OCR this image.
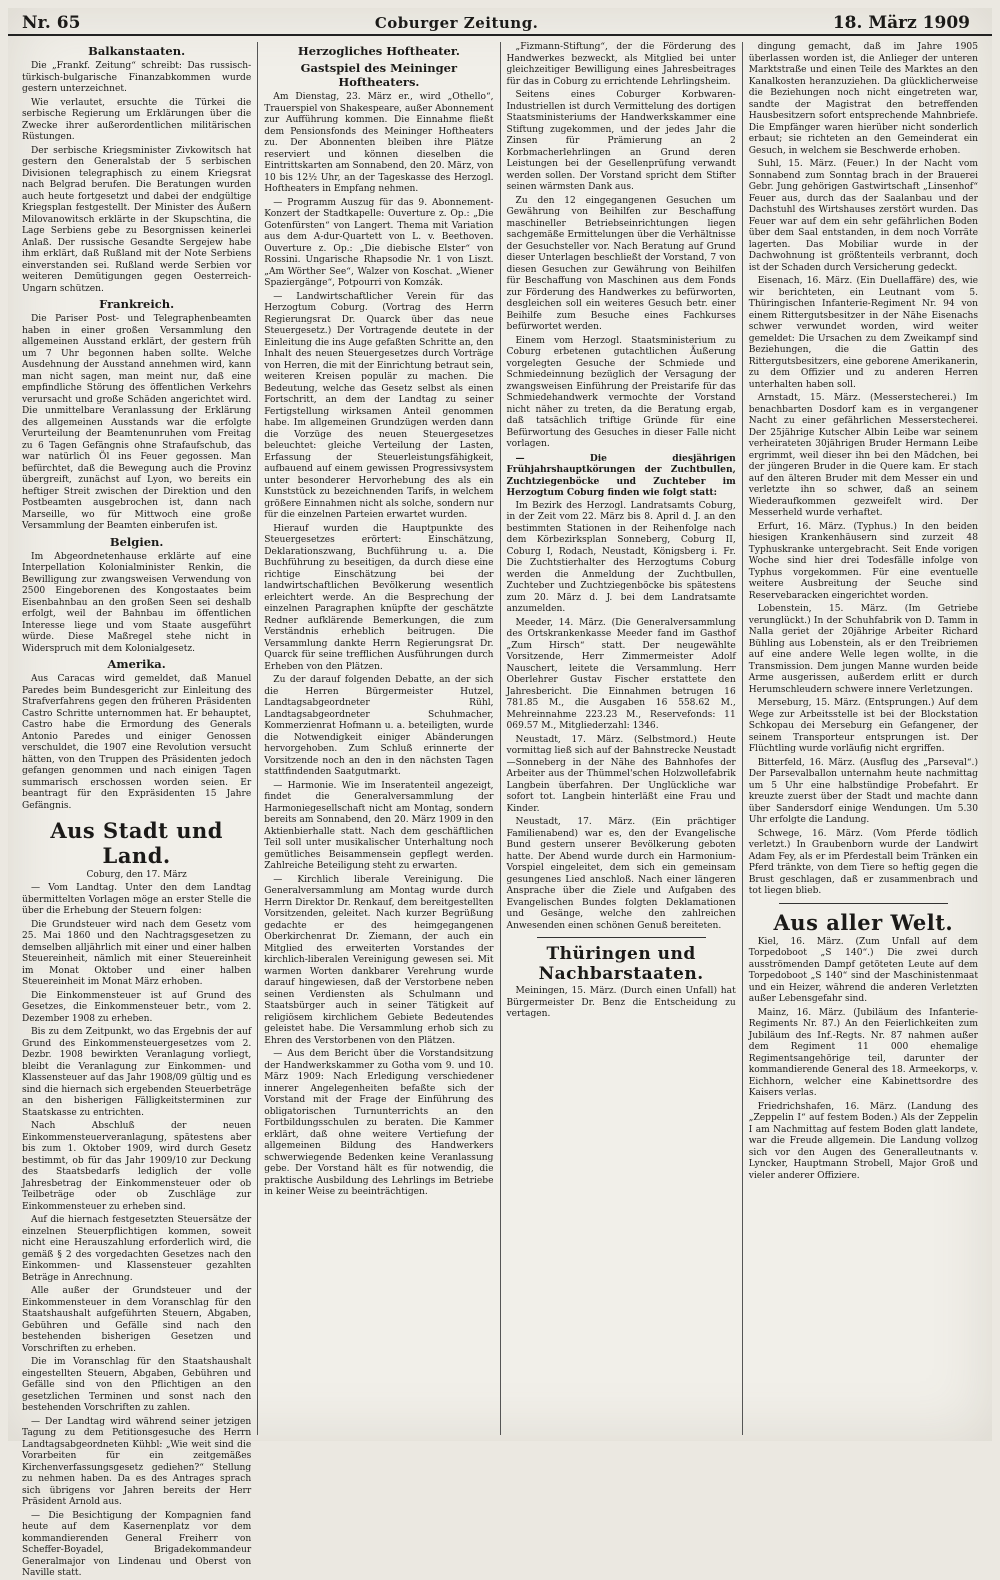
Nr. 65	Coburger Zeitung.	18. März 1909
Balkanstaaten.

Die „Frankf. Zeitung“ schreibt: Das russisch-türkisch-bulgarische Finanzabkommen wurde gestern unterzeichnet.

Wie verlautet, ersuchte die Türkei die serbische Regierung um Erklärungen über die Zwecke ihrer außerordentlichen militärischen Rüstungen.

Der serbische Kriegsminister Zivkowitsch hat gestern den Generalstab der 5 serbischen Divisionen telegraphisch zu einem Kriegsrat nach Belgrad berufen. Die Beratungen wurden auch heute fortgesetzt und dabei der endgültige Kriegsplan festgestellt. Der Minister des Äußern Milovanowitsch erklärte in der Skupschtina, die Lage Serbiens gebe zu Besorgnissen keinerlei Anlaß. Der russische Gesandte Sergejew habe ihm erklärt, daß Rußland mit der Note Serbiens einverstanden sei. Rußland werde Serbien vor weiteren Demütigungen gegen Oesterreich-Ungarn schützen.

Frankreich.

Die Pariser Post- und Telegraphenbeamten haben in einer großen Versammlung den allgemeinen Ausstand erklärt, der gestern früh um 7 Uhr begonnen haben sollte. Welche Ausdehnung der Ausstand annehmen wird, kann man nicht sagen, man meint nur, daß eine empfindliche Störung des öffentlichen Verkehrs verursacht und große Schäden angerichtet wird. Die unmittelbare Veranlassung der Erklärung des allgemeinen Ausstands war die erfolgte Verurteilung der Beamtenunruhen vom Freitag zu 6 Tagen Gefängnis ohne Strafaufschub, das war natürlich Öl ins Feuer gegossen. Man befürchtet, daß die Bewegung auch die Provinz übergreift, zunächst auf Lyon, wo bereits ein heftiger Streit zwischen der Direktion und den Postbeamten ausgebrochen ist, dann nach Marseille, wo für Mittwoch eine große Versammlung der Beamten einberufen ist.

Belgien.

Im Abgeordnetenhause erklärte auf eine Interpellation Kolonialminister Renkin, die Bewilligung zur zwangsweisen Verwendung von 2500 Eingeborenen des Kongostaates beim Eisenbahnbau an den großen Seen sei deshalb erfolgt, weil der Bahnbau im öffentlichen Interesse liege und vom Staate ausgeführt würde. Diese Maßregel stehe nicht in Widerspruch mit dem Kolonialgesetz.

Amerika.

Aus Caracas wird gemeldet, daß Manuel Paredes beim Bundesgericht zur Einleitung des Strafverfahrens gegen den früheren Präsidenten Castro Schritte unternommen hat. Er behauptet, Castro habe die Ermordung des Generals Antonio Paredes und einiger Genossen verschuldet, die 1907 eine Revolution versucht hätten, von den Truppen des Präsidenten jedoch gefangen genommen und nach einigen Tagen summarisch erschossen worden seien. Er beantragt für den Expräsidenten 15 Jahre Gefängnis.

Aus Stadt und Land.
Coburg, den 17. März

— Vom Landtag. Unter den dem Landtag übermittelten Vorlagen möge an erster Stelle die über die Erhebung der Steuern folgen:

Die Grundsteuer wird nach dem Gesetz vom 25. Mai 1860 und den Nachtragsgesetzen zu demselben alljährlich mit einer und einer halben Steuereinheit, nämlich mit einer Steuereinheit im Monat Oktober und einer halben Steuereinheit im Monat März erhoben.

Die Einkommensteuer ist auf Grund des Gesetzes, die Einkommensteuer betr., vom 2. Dezember 1908 zu erheben.

Bis zu dem Zeitpunkt, wo das Ergebnis der auf Grund des Einkommensteuergesetzes vom 2. Dezbr. 1908 bewirkten Veranlagung vorliegt, bleibt die Veranlagung zur Einkommen- und Klassensteuer auf das Jahr 1908/09 gültig und es sind die hiernach sich ergebenden Steuerbeträge an den bisherigen Fälligkeitsterminen zur Staatskasse zu entrichten.

Nach Abschluß der neuen Einkommensteuerveranlagung, spätestens aber bis zum 1. Oktober 1909, wird durch Gesetz bestimmt, ob für das Jahr 1909/10 zur Deckung des Staatsbedarfs lediglich der volle Jahresbetrag der Einkommensteuer oder ob Teilbeträge oder ob Zuschläge zur Einkommensteuer zu erheben sind.

Auf die hiernach festgesetzten Steuersätze der einzelnen Steuerpflichtigen kommen, soweit nicht eine Herauszahlung erforderlich wird, die gemäß § 2 des vorgedachten Gesetzes nach den Einkommen- und Klassensteuer gezahlten Beträge in Anrechnung.

Alle außer der Grundsteuer und der Einkommensteuer in dem Voranschlag für den Staatshaushalt aufgeführten Steuern, Abgaben, Gebühren und Gefälle sind nach den bestehenden bisherigen Gesetzen und Vorschriften zu erheben.

Die im Voranschlag für den Staatshaushalt eingestellten Steuern, Abgaben, Gebühren und Gefälle sind von den Pflichtigen an den gesetzlichen Terminen und sonst nach den bestehenden Vorschriften zu zahlen.

— Der Landtag wird während seiner jetzigen Tagung zu dem Petitionsgesuche des Herrn Landtagsabgeordneten Kühbl: „Wie weit sind die Vorarbeiten für ein zeitgemäßes Kirchenverfassungsgesetz gediehen?“ Stellung zu nehmen haben. Da es des Antrages sprach sich übrigens vor Jahren bereits der Herr Präsident Arnold aus.

— Die Besichtigung der Kompagnien fand heute auf dem Kasernenplatz vor dem kommandierenden General Freiherr von Scheffer-Boyadel, Brigadekommandeur Generalmajor von Lindenau und Oberst von Naville statt.

Herzogliches Hoftheater.
Gastspiel des Meininger Hoftheaters.

Am Dienstag, 23. März er., wird „Othello“, Trauerspiel von Shakespeare, außer Abonnement zur Aufführung kommen. Die Einnahme fließt dem Pensionsfonds des Meininger Hoftheaters zu. Der Abonnenten bleiben ihre Plätze reserviert und können dieselben die Eintrittskarten am Sonnabend, den 20. März, von 10 bis 12½ Uhr, an der Tageskasse des Herzogl. Hoftheaters in Empfang nehmen.

— Programm Auszug für das 9. Abonnement-Konzert der Stadtkapelle: Ouverture z. Op.: „Die Gotenfürsten“ von Langert. Thema mit Variation aus dem A-dur-Quartett von L. v. Beethoven. Ouverture z. Op.: „Die diebische Elster“ von Rossini. Ungarische Rhapsodie Nr. 1 von Liszt. „Am Wörther See“, Walzer von Koschat. „Wiener Spaziergänge“, Potpourri von Komzák.

— Landwirtschaftlicher Verein für das Herzogtum Coburg. (Vortrag des Herrn Regierungsrat Dr. Quarck über das neue Steuergesetz.) Der Vortragende deutete in der Einleitung die ins Auge gefaßten Schritte an, den Inhalt des neuen Steuergesetzes durch Vorträge von Herren, die mit der Einrichtung betraut sein, weiteren Kreisen populär zu machen. Die Bedeutung, welche das Gesetz selbst als einen Fortschritt, an dem der Landtag zu seiner Fertigstellung wirksamen Anteil genommen habe. Im allgemeinen Grundzügen werden dann die Vorzüge des neuen Steuergesetzes beleuchtet: gleiche Verteilung der Lasten, Erfassung der Steuerleistungsfähigkeit, aufbauend auf einem gewissen Progressivsystem unter besonderer Hervorhebung des als ein Kunststück zu bezeichnenden Tarifs, in welchem größere Einnahmen nicht als solche, sondern nur für die einzelnen Parteien erwartet wurden.

Hierauf wurden die Hauptpunkte des Steuergesetzes erörtert: Einschätzung, Deklarationszwang, Buchführung u. a. Die Buchführung zu beseitigen, da durch diese eine richtige Einschätzung bei der landwirtschaftlichen Bevölkerung wesentlich erleichtert werde. An die Besprechung der einzelnen Paragraphen knüpfte der geschätzte Redner aufklärende Bemerkungen, die zum Verständnis erheblich beitrugen. Die Versammlung dankte Herrn Regierungsrat Dr. Quarck für seine trefflichen Ausführungen durch Erheben von den Plätzen.

Zu der darauf folgenden Debatte, an der sich die Herren Bürgermeister Hutzel, Landtagsabgeordneter Rühl, Landtagsabgeordneter Schuhmacher, Kommerzienrat Hofmann u. a. beteiligten, wurde die Notwendigkeit einiger Abänderungen hervorgehoben. Zum Schluß erinnerte der Vorsitzende noch an den in den nächsten Tagen stattfindenden Saatgutmarkt.

— Harmonie. Wie im Inseratenteil angezeigt, findet die Generalversammlung der Harmoniegesellschaft nicht am Montag, sondern bereits am Sonnabend, den 20. März 1909 in den Aktienbierhalle statt. Nach dem geschäftlichen Teil soll unter musikalischer Unterhaltung noch gemütliches Beisammensein gepflegt werden. Zahlreiche Beteiligung steht zu erwarten.

— Kirchlich liberale Vereinigung. Die Generalversammlung am Montag wurde durch Herrn Direktor Dr. Renkauf, dem bereitgestellten Vorsitzenden, geleitet. Nach kurzer Begrüßung gedachte er des heimgegangenen Oberkirchenrat Dr. Ziemann, der auch ein Mitglied des erweiterten Vorstandes der kirchlich-liberalen Vereinigung gewesen sei. Mit warmen Worten dankbarer Verehrung wurde darauf hingewiesen, daß der Verstorbene neben seinen Verdiensten als Schulmann und Staatsbürger auch in seiner Tätigkeit auf religiösem kirchlichem Gebiete Bedeutendes geleistet habe. Die Versammlung erhob sich zu Ehren des Verstorbenen von den Plätzen.

— Aus dem Bericht über die Vorstandsitzung der Handwerkskammer zu Gotha vom 9. und 10. März 1909: Nach Erledigung verschiedener innerer Angelegenheiten befaßte sich der Vorstand mit der Frage der Einführung des obligatorischen Turnunterrichts an den Fortbildungsschulen zu beraten. Die Kammer erklärt, daß ohne weitere Vertiefung der allgemeinen Bildung des Handwerkers schwerwiegende Bedenken keine Veranlassung gebe. Der Vorstand hält es für notwendig, die praktische Ausbildung des Lehrlings im Betriebe in keiner Weise zu beeinträchtigen.

„Fizmann-Stiftung“, der die Förderung des Handwerkes bezweckt, als Mitglied bei unter gleichzeitiger Bewilligung eines Jahresbeitrages für das in Coburg zu errichtende Lehrlingsheim.

Seitens eines Coburger Korbwaren-Industriellen ist durch Vermittelung des dortigen Staatsministeriums der Handwerkskammer eine Stiftung zugekommen, und der jedes Jahr die Zinsen für Prämierung an 2 Korbmacherlehrlingen an Grund deren Leistungen bei der Gesellenprüfung verwandt werden sollen. Der Vorstand spricht dem Stifter seinen wärmsten Dank aus.

Zu den 12 eingegangenen Gesuchen um Gewährung von Beihilfen zur Beschaffung maschineller Betriebseinrichtungen liegen sachgemäße Ermittelungen über die Verhältnisse der Gesuchsteller vor. Nach Beratung auf Grund dieser Unterlagen beschließt der Vorstand, 7 von diesen Gesuchen zur Gewährung von Beihilfen für Beschaffung von Maschinen aus dem Fonds zur Förderung des Handwerkes zu befürworten, desgleichen soll ein weiteres Gesuch betr. einer Beihilfe zum Besuche eines Fachkurses befürwortet werden.

Einem vom Herzogl. Staatsministerium zu Coburg erbetenen gutachtlichen Äußerung vorgelegten Gesuche der Schmiede und Schmiedeinnung bezüglich der Versagung der zwangsweisen Einführung der Preistarife für das Schmiedehandwerk vermochte der Vorstand nicht näher zu treten, da die Beratung ergab, daß tatsächlich triftige Gründe für eine Befürwortung des Gesuches in dieser Falle nicht vorlagen.

— Die diesjährigen Frühjahrshauptkörungen der Zuchtbullen, Zuchtziegenböcke und Zuchteber im Herzogtum Coburg finden wie folgt statt:

Im Bezirk des Herzogl. Landratsamts Coburg, in der Zeit vom 22. März bis 8. April d. J. an den bestimmten Stationen in der Reihenfolge nach dem Körbezirksplan Sonneberg, Coburg II, Coburg I, Rodach, Neustadt, Königsberg i. Fr. Die Zuchtstierhalter des Herzogtums Coburg werden die Anmeldung der Zuchtbullen, Zuchteber und Zuchtziegenböcke bis spätestens zum 20. März d. J. bei dem Landratsamte anzumelden.

Meeder, 14. März. (Die Generalversammlung des Ortskrankenkasse Meeder fand im Gasthof „Zum Hirsch“ statt. Der neugewählte Vorsitzende, Herr Zimmermeister Adolf Nauschert, leitete die Versammlung. Herr Oberlehrer Gustav Fischer erstattete den Jahresbericht. Die Einnahmen betrugen 16 781.85 M., die Ausgaben 16 558.62 M., Mehreinnahme 223.23 M., Reservefonds: 11 069.57 M., Mitgliederzahl: 1346.

Neustadt, 17. März. (Selbstmord.) Heute vormittag ließ sich auf der Bahnstrecke Neustadt—Sonneberg in der Nähe des Bahnhofes der Arbeiter aus der Thümmel'schen Holzwollefabrik Langbein überfahren. Der Unglückliche war sofort tot. Langbein hinterläßt eine Frau und Kinder.

Neustadt, 17. März. (Ein prächtiger Familienabend) war es, den der Evangelische Bund gestern unserer Bevölkerung geboten hatte. Der Abend wurde durch ein Harmonium-Vorspiel eingeleitet, dem sich ein gemeinsam gesungenes Lied anschloß. Nach einer längeren Ansprache über die Ziele und Aufgaben des Evangelischen Bundes folgten Deklamationen und Gesänge, welche den zahlreichen Anwesenden einen schönen Genuß bereiteten.

Thüringen und Nachbarstaaten.

Meiningen, 15. März. (Durch einen Unfall) hat Bürgermeister Dr. Benz die Entscheidung zu vertagen.

dingung gemacht, daß im Jahre 1905 überlassen worden ist, die Anlieger der unteren Marktstraße und einen Teile des Marktes an den Kanalkosten heranzuziehen. Da glücklicherweise die Beziehungen noch nicht eingetreten war, sandte der Magistrat den betreffenden Hausbesitzern sofort entsprechende Mahnbriefe. Die Empfänger waren hierüber nicht sonderlich erbaut; sie richteten an den Gemeinderat ein Gesuch, in welchem sie Beschwerde erhoben.

Suhl, 15. März. (Feuer.) In der Nacht vom Sonnabend zum Sonntag brach in der Brauerei Gebr. Jung gehörigen Gastwirtschaft „Linsenhof“ Feuer aus, durch das der Saalanbau und der Dachstuhl des Wirtshauses zerstört wurden. Das Feuer war auf dem ein sehr gefährlichen Boden über dem Saal entstanden, in dem noch Vorräte lagerten. Das Mobiliar wurde in der Dachwohnung ist größtenteils verbrannt, doch ist der Schaden durch Versicherung gedeckt.

Eisenach, 16. März. (Ein Duellaffäre) des, wie wir berichteten, ein Leutnant vom 5. Thüringischen Infanterie-Regiment Nr. 94 von einem Rittergutsbesitzer in der Nähe Eisenachs schwer verwundet worden, wird weiter gemeldet: Die Ursachen zu dem Zweikampf sind Beziehungen, die die Gattin des Rittergutsbesitzers, eine geborene Amerikanerin, zu dem Offizier und zu anderen Herren unterhalten haben soll.

Arnstadt, 15. März. (Messerstecherei.) Im benachbarten Dosdorf kam es in vergangener Nacht zu einer gefährlichen Messerstecherei. Der 25jährige Kutscher Albin Leibe war seinem verheirateten 30jährigen Bruder Hermann Leibe ergrimmt, weil dieser ihn bei den Mädchen, bei der jüngeren Bruder in die Quere kam. Er stach auf den älteren Bruder mit dem Messer ein und verletzte ihn so schwer, daß an seinem Wiederaufkommen gezweifelt wird. Der Messerheld wurde verhaftet.

Erfurt, 16. März. (Typhus.) In den beiden hiesigen Krankenhäusern sind zurzeit 48 Typhuskranke untergebracht. Seit Ende vorigen Woche sind hier drei Todesfälle infolge von Typhus vorgekommen. Für eine eventuelle weitere Ausbreitung der Seuche sind Reservebaracken eingerichtet worden.

Lobenstein, 15. März. (Im Getriebe verunglückt.) In der Schuhfabrik von D. Tamm in Nalla geriet der 20jährige Arbeiter Richard Bühling aus Lobenstein, als er den Treibriemen auf eine andere Welle legen wollte, in die Transmission. Dem jungen Manne wurden beide Arme ausgerissen, außerdem erlitt er durch Herumschleudern schwere innere Verletzungen.

Merseburg, 15. März. (Entsprungen.) Auf dem Wege zur Arbeitsstelle ist bei der Blockstation Schkopau dei Merseburg ein Gefangener, der seinem Transporteur entsprungen ist. Der Flüchtling wurde vorläufig nicht ergriffen.

Bitterfeld, 16. März. (Ausflug des „Parseval“.) Der Parsevalballon unternahm heute nachmittag um 5 Uhr eine halbstündige Probefahrt. Er kreuzte zuerst über der Stadt und machte dann über Sandersdorf einige Wendungen. Um 5.30 Uhr erfolgte die Landung.

Schwege, 16. März. (Vom Pferde tödlich verletzt.) In Graubenborn wurde der Landwirt Adam Fey, als er im Pferdestall beim Tränken ein Pferd tränkte, von dem Tiere so heftig gegen die Brust geschlagen, daß er zusammenbrach und tot liegen blieb.

Aus aller Welt.

Kiel, 16. März. (Zum Unfall auf dem Torpedoboot „S 140“.) Die zwei durch ausströmenden Dampf getöteten Leute auf dem Torpedoboot „S 140“ sind der Maschinistenmaat und ein Heizer, während die anderen Verletzten außer Lebensgefahr sind.

Mainz, 16. März. (Jubiläum des Infanterie-Regiments Nr. 87.) An den Feierlichkeiten zum Jubiläum des Inf.-Regts. Nr. 87 nahmen außer dem Regiment 11 000 ehemalige Regimentsangehörige teil, darunter der kommandierende General des 18. Armeekorps, v. Eichhorn, welcher eine Kabinettsordre des Kaisers verlas.

Friedrichshafen, 16. März. (Landung des „Zeppelin I“ auf festem Boden.) Als der Zeppelin I am Nachmittag auf festem Boden glatt landete, war die Freude allgemein. Die Landung vollzog sich vor den Augen des Generalleutnants v. Lyncker, Hauptmann Strobell, Major Groß und vieler anderer Offiziere.
